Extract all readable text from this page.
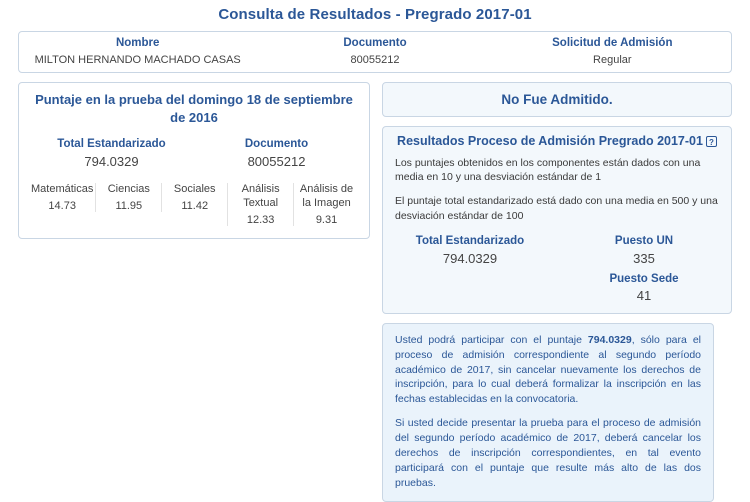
Consulta de Resultados - Pregrado 2017-01
Nombre
MILTON HERNANDO MACHADO CASAS
Documento
80055212
Solicitud de Admisión
Regular
Puntaje en la prueba del domingo 18 de septiembre de 2016
Total Estandarizado
794.0329
Documento
80055212
Matemáticas
14.73
Ciencias
11.95
Sociales
11.42
Análisis Textual
12.33
Análisis de la Imagen
9.31
No Fue Admitido.
Resultados Proceso de Admisión Pregrado 2017-01 ?
Los puntajes obtenidos en los componentes están dados con una media en 10 y una desviación estándar de 1
El puntaje total estandarizado está dado con una media en 500 y una desviación estándar de 100
Total Estandarizado
794.0329
Puesto UN
335
Puesto Sede
41

Usted podrá participar con el puntaje 794.0329, sólo para el proceso de admisión correspondiente al segundo período académico de 2017, sin cancelar nuevamente los derechos de inscripción, para lo cual deberá formalizar la inscripción en las fechas establecidas en la convocatoria.

Si usted decide presentar la prueba para el proceso de admisión del segundo período académico de 2017, deberá cancelar los derechos de inscripción correspondientes, en tal evento participará con el puntaje que resulte más alto de las dos pruebas.
